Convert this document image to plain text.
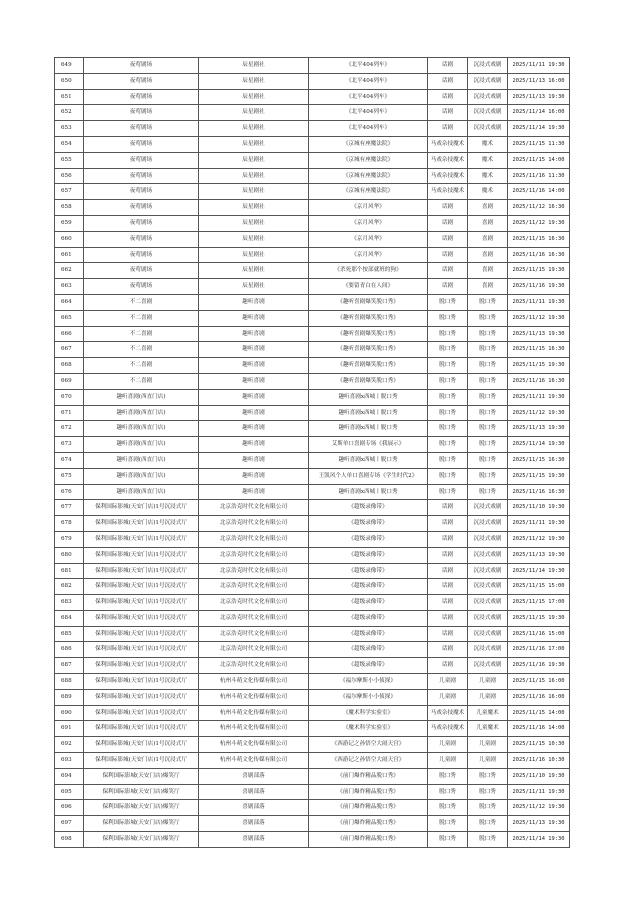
649	夜莺剧场	辰星剧社	《北平404列车》	话剧	沉浸式戏剧	2025/11/11 19:30
650	夜莺剧场	辰星剧社	《北平404列车》	话剧	沉浸式戏剧	2025/11/13 16:00
651	夜莺剧场	辰星剧社	《北平404列车》	话剧	沉浸式戏剧	2025/11/13 19:30
652	夜莺剧场	辰星剧社	《北平404列车》	话剧	沉浸式戏剧	2025/11/14 16:00
653	夜莺剧场	辰星剧社	《北平404列车》	话剧	沉浸式戏剧	2025/11/14 19:30
654	夜莺剧场	辰星剧社	《京城有座魔法院》	马戏杂技魔术	魔术	2025/11/15 11:30
655	夜莺剧场	辰星剧社	《京城有座魔法院》	马戏杂技魔术	魔术	2025/11/15 14:00
656	夜莺剧场	辰星剧社	《京城有座魔法院》	马戏杂技魔术	魔术	2025/11/16 11:30
657	夜莺剧场	辰星剧社	《京城有座魔法院》	马戏杂技魔术	魔术	2025/11/16 14:00
658	夜莺剧场	辰星剧社	《京月风华》	话剧	喜剧	2025/11/12 16:30
659	夜莺剧场	辰星剧社	《京月风华》	话剧	喜剧	2025/11/12 19:30
660	夜莺剧场	辰星剧社	《京月风华》	话剧	喜剧	2025/11/15 16:30
661	夜莺剧场	辰星剧社	《京月风华》	话剧	喜剧	2025/11/16 16:30
662	夜莺剧场	辰星剧社	《杀死那个按部就班的狗》	话剧	喜剧	2025/11/15 19:30
663	夜莺剧场	辰星剧社	《要留青白在人间》	话剧	喜剧	2025/11/16 19:30
664	不二喜剧	趣听喜剧	《趣听喜剧爆笑脱口秀》	脱口秀	脱口秀	2025/11/11 19:30
665	不二喜剧	趣听喜剧	《趣听喜剧爆笑脱口秀》	脱口秀	脱口秀	2025/11/12 19:30
666	不二喜剧	趣听喜剧	《趣听喜剧爆笑脱口秀》	脱口秀	脱口秀	2025/11/13 19:30
667	不二喜剧	趣听喜剧	《趣听喜剧爆笑脱口秀》	脱口秀	脱口秀	2025/11/15 16:30
668	不二喜剧	趣听喜剧	《趣听喜剧爆笑脱口秀》	脱口秀	脱口秀	2025/11/15 19:30
669	不二喜剧	趣听喜剧	《趣听喜剧爆笑脱口秀》	脱口秀	脱口秀	2025/11/16 16:30
670	趣听喜剧(西直门店)	趣听喜剧	趣听喜剧x西城丨脱口秀	脱口秀	脱口秀	2025/11/11 19:30
671	趣听喜剧(西直门店)	趣听喜剧	趣听喜剧x西城丨脱口秀	脱口秀	脱口秀	2025/11/12 19:30
672	趣听喜剧(西直门店)	趣听喜剧	趣听喜剧x西城丨脱口秀	脱口秀	脱口秀	2025/11/13 19:30
673	趣听喜剧(西直门店)	趣听喜剧	艾斯单口喜剧专场《我展示》	脱口秀	脱口秀	2025/11/14 19:30
674	趣听喜剧(西直门店)	趣听喜剧	趣听喜剧x西城丨脱口秀	脱口秀	脱口秀	2025/11/15 16:30
675	趣听喜剧(西直门店)	趣听喜剧	王凯风个人单口喜剧专场《学生时代2》	脱口秀	脱口秀	2025/11/15 19:30
676	趣听喜剧(西直门店)	趣听喜剧	趣听喜剧x西城丨脱口秀	脱口秀	脱口秀	2025/11/16 16:30
677	保利国际影城(天安门店)1号沉浸式厅	北京浩克时代文化有限公司	《超级录像带》	话剧	沉浸式戏剧	2025/11/10 19:30
678	保利国际影城(天安门店)1号沉浸式厅	北京浩克时代文化有限公司	《超级录像带》	话剧	沉浸式戏剧	2025/11/11 19:30
679	保利国际影城(天安门店)1号沉浸式厅	北京浩克时代文化有限公司	《超级录像带》	话剧	沉浸式戏剧	2025/11/12 19:30
680	保利国际影城(天安门店)1号沉浸式厅	北京浩克时代文化有限公司	《超级录像带》	话剧	沉浸式戏剧	2025/11/13 19:30
681	保利国际影城(天安门店)1号沉浸式厅	北京浩克时代文化有限公司	《超级录像带》	话剧	沉浸式戏剧	2025/11/14 19:30
682	保利国际影城(天安门店)1号沉浸式厅	北京浩克时代文化有限公司	《超级录像带》	话剧	沉浸式戏剧	2025/11/15 15:00
683	保利国际影城(天安门店)1号沉浸式厅	北京浩克时代文化有限公司	《超级录像带》	话剧	沉浸式戏剧	2025/11/15 17:00
684	保利国际影城(天安门店)1号沉浸式厅	北京浩克时代文化有限公司	《超级录像带》	话剧	沉浸式戏剧	2025/11/15 19:30
685	保利国际影城(天安门店)1号沉浸式厅	北京浩克时代文化有限公司	《超级录像带》	话剧	沉浸式戏剧	2025/11/16 15:00
686	保利国际影城(天安门店)1号沉浸式厅	北京浩克时代文化有限公司	《超级录像带》	话剧	沉浸式戏剧	2025/11/16 17:00
687	保利国际影城(天安门店)1号沉浸式厅	北京浩克时代文化有限公司	《超级录像带》	话剧	沉浸式戏剧	2025/11/16 19:30
688	保利国际影城(天安门店)1号沉浸式厅	杭州斗萌文化传媒有限公司	《福尔摩斯小小侦探》	儿童剧	儿童剧	2025/11/15 16:00
689	保利国际影城(天安门店)1号沉浸式厅	杭州斗萌文化传媒有限公司	《福尔摩斯小小侦探》	儿童剧	儿童剧	2025/11/16 16:00
690	保利国际影城(天安门店)1号沉浸式厅	杭州斗萌文化传媒有限公司	《魔术科学实验室》	马戏杂技魔术	儿童魔术	2025/11/15 14:00
691	保利国际影城(天安门店)1号沉浸式厅	杭州斗萌文化传媒有限公司	《魔术科学实验室》	马戏杂技魔术	儿童魔术	2025/11/16 14:00
692	保利国际影城(天安门店)1号沉浸式厅	杭州斗萌文化传媒有限公司	《西游记之孙悟空大闹天宫》	儿童剧	儿童剧	2025/11/15 10:30
693	保利国际影城(天安门店)1号沉浸式厅	杭州斗萌文化传媒有限公司	《西游记之孙悟空大闹天宫》	儿童剧	儿童剧	2025/11/16 10:30
694	保利国际影城(天安门店)爆笑厅	喜剧部落	《前门爆炸精品脱口秀》	脱口秀	脱口秀	2025/11/10 19:30
695	保利国际影城(天安门店)爆笑厅	喜剧部落	《前门爆炸精品脱口秀》	脱口秀	脱口秀	2025/11/11 19:30
696	保利国际影城(天安门店)爆笑厅	喜剧部落	《前门爆炸精品脱口秀》	脱口秀	脱口秀	2025/11/12 19:30
697	保利国际影城(天安门店)爆笑厅	喜剧部落	《前门爆炸精品脱口秀》	脱口秀	脱口秀	2025/11/13 19:30
698	保利国际影城(天安门店)爆笑厅	喜剧部落	《前门爆炸精品脱口秀》	脱口秀	脱口秀	2025/11/14 19:30
